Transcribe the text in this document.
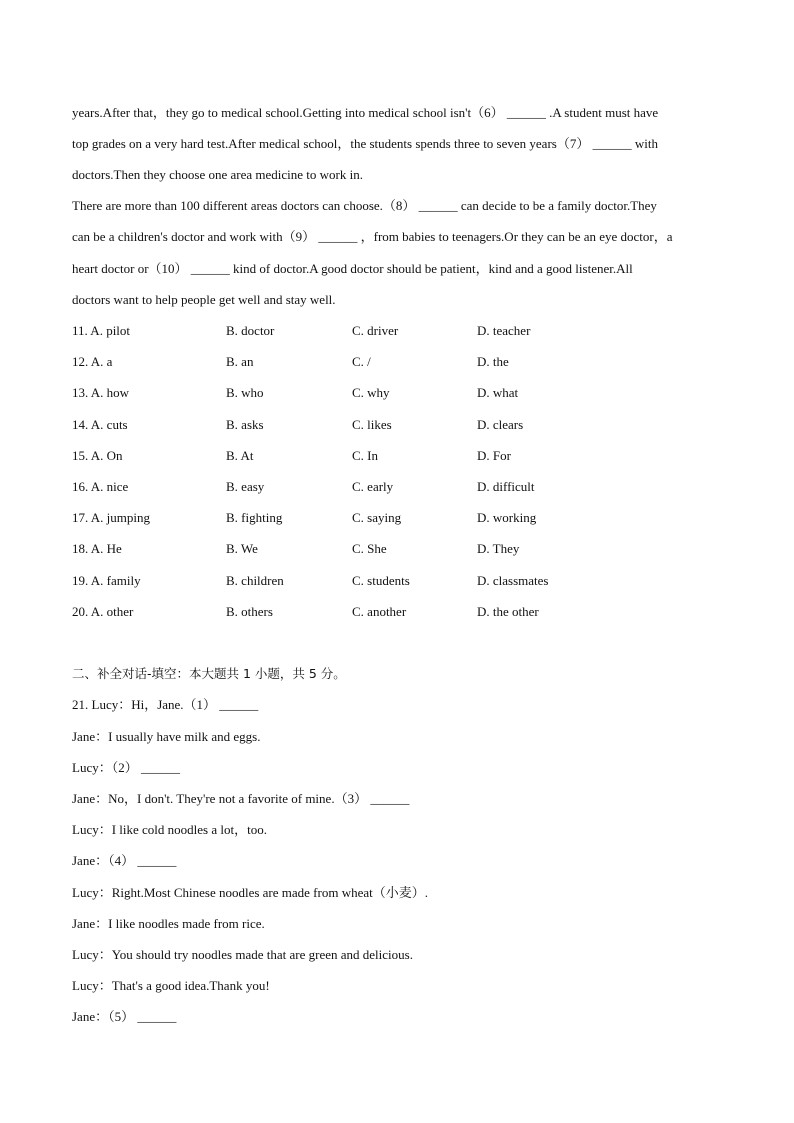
years.After that，they go to medical school.Getting into medical school isn't（6） ______ .A student must have
top grades on a very hard test.After medical school，the students spends three to seven years（7） ______ with
doctors.Then they choose one area medicine to work in.
There are more than 100 different areas doctors can choose.（8） ______ can decide to be a family doctor.They
can be a children's doctor and work with（9） ______ ，from babies to teenagers.Or they can be an eye doctor，a
heart doctor or（10） ______ kind of doctor.A good doctor should be patient，kind and a good listener.All
doctors want to help people get well and stay well.
11. A. pilot	B. doctor	C. driver	D. teacher
12. A. a	B. an	C. /	D. the
13. A. how	B. who	C. why	D. what
14. A. cuts	B. asks	C. likes	D. clears
15. A. On	B. At	C. In	D. For
16. A. nice	B. easy	C. early	D. difficult
17. A. jumping	B. fighting	C. saying	D. working
18. A. He	B. We	C. She	D. They
19. A. family	B. children	C. students	D. classmates
20. A. other	B. others	C. another	D. the other
二、补全对话-填空：本大题共 1 小题，共 5 分。
21. Lucy：Hi，Jane.（1） ______
Jane：I usually have milk and eggs.
Lucy：（2） ______
Jane：No，I don't. They're not a favorite of mine.（3） ______
Lucy：I like cold noodles a lot，too.
Jane：（4） ______
Lucy：Right.Most Chinese noodles are made from wheat（小麦）.
Jane：I like noodles made from rice.
Lucy：You should try noodles made that are green and delicious.
Lucy：That's a good idea.Thank you!
Jane：（5） ______
